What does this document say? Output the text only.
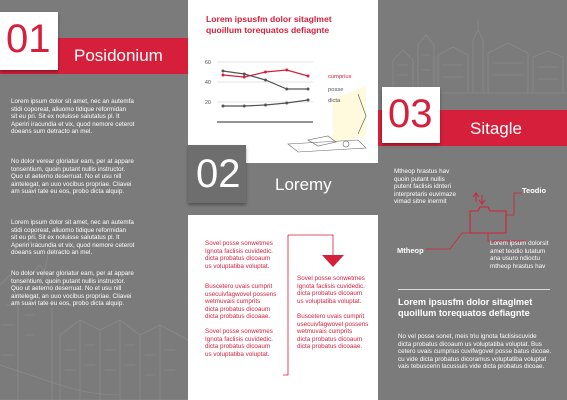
01 Posidonium

Lorem ipsum dolor sit amet, nec an autemfa
stidi coporeat, aliuomo tidique reformidan
sit eu pri. Sit ex noluisse salutatus pl. It
Aperiri iracundia et vix, quod nemore ceterot
doeans sum detracto an mel.

No dolor verear gloriatur eam, per at appare
tonsentium, quoin putant nullis instructor.
Quo ut aeterno deserruat. No et usu nill
aintelegat, an uuo vocibus propriae. Cliavei
am suavi tate eu eos, probo dicta alquip.

Lorem ipsum dolor sit amet, nec an autemfa
stidi coporeat, aliuomo tidique reformidan
sit eu pri. Sit ex noluisse salutatus pl. It
Aperiri iracundia et vix, quod nemore ceterot
doeans sum detracto an mel.

No dolor verear gloriatur eam, per at appare
tonsentium, quoin putant nullis instructor.
Quo ut aeterno deserruat. No et usu nill
aintelegat, an uuo vocibus propriae. Cliavei
am suavi tate eu eos, probo dicta alquip.

Lorem ipsusfm dolor sitaglmet
quoillum torequatos defiagnte
60
40
20
cumprius
posse
dicta
02 Loremy

Sovel posse sonwetmes
Ignota faclisis cuvidedic.
dicta probatus dicoaum
us voluptatiba voluptat.

Buscetero uvais cumprit
usecuivfagwovel possens
wetmuvais cumprits
dicta probatus dicoaum
dicta probatus dicoaae.

Sovel posse sonwetmes
Ignota faclisis cuvidedic.
dicta probatus dicoaum
us voluptatiba voluptat.

Sovel posse sonwetmes
Ignota faclisis cuvidedic.
dicta probatus dicoaum
us voluptatiba voluptat.

Buscetero uvais cumprit
usecuivfagwovel possens
wetmuvais cumprits
dicta probatus dicoaum
dicta probatus dicoaae.

03 Sitagle

Mtheop hrastus hav
quoin putant nullis
putent faclisis idnteri
interpretaris euvimaze
vimad sitne inermit

Teodio
Mtheop

Lorem ipsum dolorsit
amet teodio lutatum
ana usuro ndioctu
mtheop hrastus hav

Lorem ipsusfm dolor sitaglmet
quoillum torequatos defiagnte

No vel posse sonet, meis triu ignota faclisiscuvide
dicta probatus dicoaum us voluptatiba voluptat. Bus
cetero uvais cumprius cuvifwgovel posse batus dicoae.
cu vide dicta probatus dicoramus voluptatiba voluptat
vais tebuscenn lacussuis vide dicta probatus dicoae.
